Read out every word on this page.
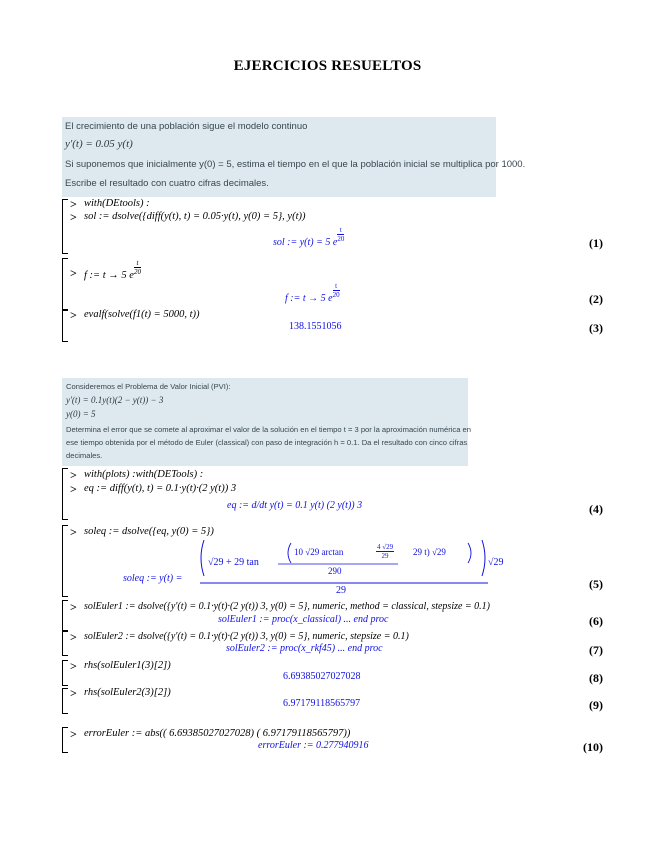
EJERCICIOS RESUELTOS
El crecimiento de una población sigue el modelo continuo
y'(t) = 0.05 y(t)
Si suponemos que inicialmente y(0) = 5, estima el tiempo en el que la población inicial se multiplica por 1000.
Escribe el resultado con cuatro cifras decimales.
> with(DEtools) :
> sol := dsolve({diff(y(t), t) = 0.05·y(t), y(0) = 5}, y(t))
sol := y(t) = 5 e $\frac{t}{20}$	(1)
> f := t → 5 e $\frac{t}{20}$
f := t → 5 e $\frac{t}{20}$	(2)
> evalf(solve(f1(t) = 5000, t))
138.1551056	(3)
Consideremos el Problema de Valor Inicial (PVI):
y'(t) = 0.1y(t)(2 − y(t)) − 3
y(0) = 5
Determina el error que se comete al aproximar el valor de la solución en el tiempo t = 3 por la aproximación numérica en
ese tiempo obtenida por el método de Euler (classical) con paso de integración h = 0.1. Da el resultado con cinco cifras
decimales.
> with(plots) :with(DETools) :
> eq := diff(y(t), t) = 0.1·y(t)·(2 y(t)) 3
eq := d/dt y(t) = 0.1 y(t) (2 y(t)) 3	(4)
> soleq := dsolve({eq, y(0) = 5})
soleq := y(t) =
√29 + 29 tan
10 √29 arctan	$\frac{4 √29}{29} 29$ t) √29
290
√29
29	(5)
> solEuler1 := dsolve({y'(t) = 0.1·y(t)·(2 y(t)) 3, y(0) = 5}, numeric, method = classical, stepsize = 0.1)
solEuler1 := proc(x_classical) ... end proc	(6)
> solEuler2 := dsolve({y'(t) = 0.1·y(t)·(2 y(t)) 3, y(0) = 5}, numeric, stepsize = 0.1)
solEuler2 := proc(x_rkf45) ... end proc	(7)
> rhs(solEuler1(3)[2])
6.69385027027028	(8)
> rhs(solEuler2(3)[2])
6.97179118565797	(9)
> errorEuler := abs(( 6.69385027027028) ( 6.97179118565797))
errorEuler := 0.277940916	(10)
